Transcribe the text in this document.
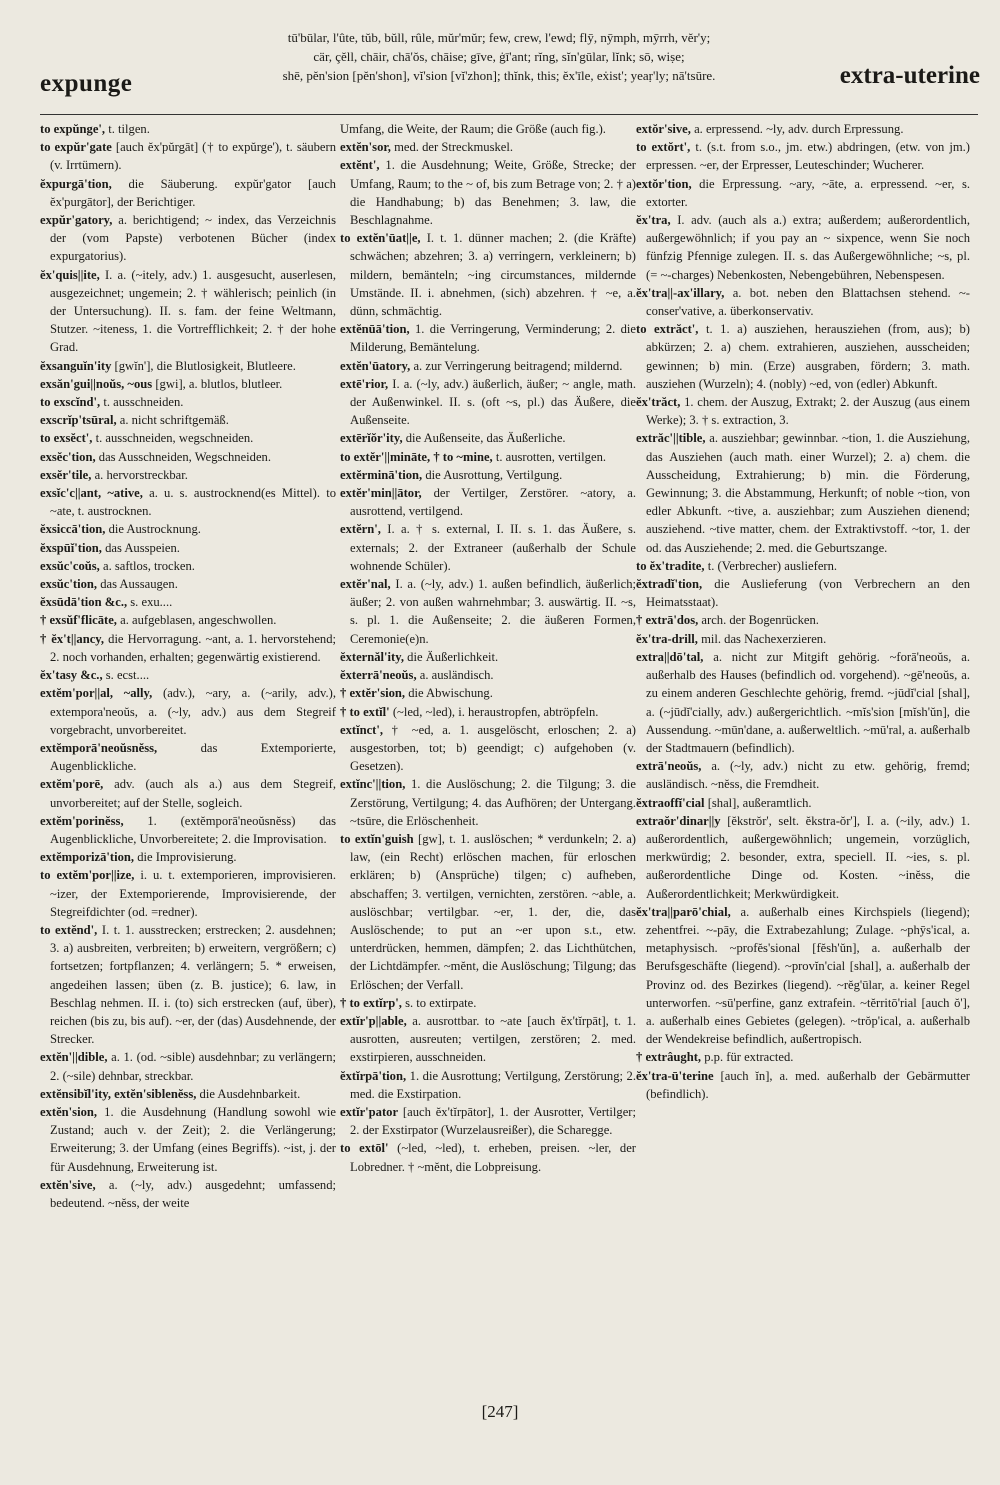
expunge
tū'būlar, l'ûte, tŭb, bŭll, rûle, mŭr'mŭr; few, crew, l'ewd; flȳ, nȳmph, mȳrrh, vĕr'y;
cär, çĕll, chāir, chā'ŏs, chāise; gīve, ġī'ant; rĭng, sĭn'gūlar, lĭnk; sō, wiṣe;
shē, pĕn'sion [pĕn'shon], vĭ'sion [vĭ'zhon]; thĭnk, this; ĕx'īle, eẋist'; yeaṛ'ly; nā'tsūre.	extra-uterine
to expŭnge', t. tilgen.
to expŭr'gate [auch ĕx'pŭrgāt] († to expŭrge'), t. säubern (v. Irrtümern).
ĕxpurgā'tion, die Säuberung. expŭr'gator [auch ĕx'purgātor], der Berichtiger.
expŭr'gatory, a. berichtigend; ~ index, das Verzeichnis der (vom Papste) verbotenen Bücher (index expurgatorius).
ĕx'quis||ite, I. a. (~itely, adv.) 1. ausgesucht, auserlesen, ausgezeichnet; ungemein; 2. † wählerisch; peinlich (in der Untersuchung). II. s. fam. der feine Weltmann, Stutzer. ~iteness, 1. die Vortrefflichkeit; 2. † der hohe Grad.
ĕxsanguĭn'ity [gwĭn'], die Blutlosigkeit, Blutleere.
exsăn'gui||noŭs, ~ous [gwi], a. blutlos, blutleer.
to exscĭnd', t. ausschneiden.
exscrĭp'tsūral, a. nicht schriftgemäß.
to exsĕct', t. ausschneiden, wegschneiden.
exsĕc'tion, das Ausschneiden, Wegschneiden.
exsĕr'tile, a. hervorstreckbar.
exsĭc'c||ant, ~ative, a. u. s. austrocknend(es Mittel). to ~ate, t. austrocknen.
ĕxsiccā'tion, die Austrocknung.
ĕxspūĭ'tion, das Ausspeien.
exsŭc'coŭs, a. saftlos, trocken.
exsŭc'tion, das Aussaugen.
ĕxsūdā'tion &c., s. exu....
† exsŭf'flicāte, a. aufgeblasen, angeschwollen.
† ĕx't||ancy, die Hervorragung. ~ant, a. 1. hervorstehend; 2. noch vorhanden, erhalten; gegenwärtig existierend.
ĕx'tasy &c., s. ecst....
extĕm'por||al, ~ally, (adv.), ~ary, a. (~arily, adv.), extempora'neoŭs, a. (~ly, adv.) aus dem Stegreif vorgebracht, unvorbereitet.
extĕmporā'neoŭsnĕss,	das Extemporierte, Augenblickliche.
extĕm'porē, adv. (auch als a.) aus dem Stegreif, unvorbereitet; auf der Stelle, sogleich.
extĕm'porinĕss, 1. (extĕmporā'neoŭsnĕss) das Augenblickliche, Unvorbereitete; 2. die Improvisation.
extĕmporizā'tion, die Improvisierung.
to extĕm'por||ize, i. u. t. extemporieren, improvisieren. ~izer, der Extemporierende, Improvisierende, der Stegreifdichter (od. =redner).
to extĕnd', I. t. 1. ausstrecken; erstrecken; 2. ausdehnen; 3. a) ausbreiten, verbreiten; b) erweitern, vergrößern; c) fortsetzen; fortpflanzen; 4. verlängern; 5. * erweisen, angedeihen lassen; üben (z. B. justice); 6. law, in Beschlag nehmen. II. i. (to) sich erstrecken (auf, über), reichen (bis zu, bis auf). ~er, der (das) Ausdehnende, der Strecker.
extĕn'||dible, a. 1. (od. ~sible) ausdehnbar; zu verlängern; 2. (~sile) dehnbar, streckbar.
extĕnsibĭl'ity, extĕn'siblenĕss, die Ausdehnbarkeit.
extĕn'sion, 1. die Ausdehnung (Handlung sowohl wie Zustand; auch v. der Zeit); 2. die Verlängerung; Erweiterung; 3. der Umfang (eines Begriffs). ~ist, j. der für Ausdehnung, Erweiterung ist.
extĕn'sive, a. (~ly, adv.) ausgedehnt; umfassend; bedeutend. ~nĕss, der weite
Umfang, die Weite, der Raum; die Größe (auch fig.).
extĕn'sor, med. der Streckmuskel.
extĕnt', 1. die Ausdehnung; Weite, Größe, Strecke; der Umfang, Raum; to the ~ of, bis zum Betrage von; 2. † a) die Handhabung; b) das Benehmen; 3. law, die Beschlagnahme.
to extĕn'ūat||e, I. t. 1. dünner machen; 2. (die Kräfte) schwächen; abzehren; 3. a) verringern, verkleinern; b) mildern, bemänteln; ~ing circumstances, mildernde Umstände. II. i. abnehmen, (sich) abzehren. † ~e, a. dünn, schmächtig.
extĕnūā'tion, 1. die Verringerung, Verminderung; 2. die Milderung, Bemäntelung.
extĕn'ūatory, a. zur Verringerung beitragend; mildernd.
extē'rior, I. a. (~ly, adv.) äußerlich, äußer; ~ angle, math. der Außenwinkel. II. s. (oft ~s, pl.) das Äußere, die Außenseite.
extērĭŏr'ity, die Außenseite, das Äußerliche.
to extĕr'||mināte, † to ~mine, t. ausrotten, vertilgen.
extĕrminā'tion, die Ausrottung, Vertilgung.
extĕr'min||ātor, der Vertilger, Zerstörer. ~atory, a. ausrottend, vertilgend.
extĕrn', I. a. † s. external, I. II. s. 1. das Äußere, s. externals; 2. der Extraneer (außerhalb der Schule wohnende Schüler).
extĕr'nal, I. a. (~ly, adv.) 1. außen befindlich, äußerlich; äußer; 2. von außen wahrnehmbar; 3. auswärtig. II. ~s, s. pl. 1. die Außenseite; 2. die äußeren Formen, Ceremonie(e)n.
ĕxternăl'ity, die Äußerlichkeit.
ĕxterrā'neoŭs, a. ausländisch.
† extĕr'sion, die Abwischung.
† to extĭl' (~led, ~led), i. heraustropfen, abtröpfeln.
extĭnct', † ~ed, a. 1. ausgelöscht, erloschen; 2. a) ausgestorben, tot; b) geendigt; c) aufgehoben (v. Gesetzen).
extĭnc'||tion, 1. die Auslöschung; 2. die Tilgung; 3. die Zerstörung, Vertilgung; 4. das Aufhören; der Untergang. ~tsūre, die Erlöschenheit.
to extĭn'guish [gw], t. 1. auslöschen; * verdunkeln; 2. a) law, (ein Recht) erlöschen machen, für erloschen erklären; b) (Ansprüche) tilgen; c) aufheben, abschaffen; 3. vertilgen, vernichten, zerstören. ~able, a. auslöschbar; vertilgbar. ~er, 1. der, die, das Auslöschende; to put an ~er upon s.t., etw. unterdrücken, hemmen, dämpfen; 2. das Lichthütchen, der Lichtdämpfer. ~mĕnt, die Auslöschung; Tilgung; das Erlöschen; der Verfall.
† to extĭrp', s. to extirpate.
extĭr'p||able, a. ausrottbar. to ~ate [auch ĕx'tĭrpāt], t. 1. ausrotten, ausreuten; vertilgen, zerstören; 2. med. exstirpieren, ausschneiden.
ĕxtĭrpā'tion, 1. die Ausrottung; Vertilgung, Zerstörung; 2. med. die Exstirpation.
extĭr'pator [auch ĕx'tĭrpātor], 1. der Ausrotter, Vertilger; 2. der Exstirpator (Wurzelausreißer), die Scharegge.
to extōl' (~led, ~led), t. erheben, preisen. ~ler, der Lobredner. † ~mĕnt, die Lobpreisung.
extŏr'sive, a. erpressend. ~ly, adv. durch Erpressung.
to extŏrt', t. (s.t. from s.o., jm. etw.) abdringen, (etw. von jm.) erpressen. ~er, der Erpresser, Leuteschinder; Wucherer.
extŏr'tion, die Erpressung. ~ary, ~āte, a. erpressend. ~er, s. extorter.
ĕx'tra, I. adv. (auch als a.) extra; außerdem; außerordentlich, außergewöhnlich; if you pay an ~ sixpence, wenn Sie noch fünfzig Pfennige zulegen. II. s. das Außergewöhnliche; ~s, pl. (= ~-charges) Nebenkosten, Nebengebühren, Nebenspesen.
ĕx'tra||-ax'illary, a. bot. neben den Blattachsen stehend. ~-conser'vative, a. überkonservativ.
to extrăct', t. 1. a) ausziehen, herausziehen (from, aus); b) abkürzen; 2. a) chem. extrahieren, ausziehen, ausscheiden; gewinnen; b) min. (Erze) ausgraben, fördern; 3. math. ausziehen (Wurzeln); 4. (nobly) ~ed, von (edler) Abkunft.
ĕx'trăct, 1. chem. der Auszug, Extrakt; 2. der Auszug (aus einem Werke); 3. † s. extraction, 3.
extrăc'||tible, a. ausziehbar; gewinnbar. ~tion, 1. die Ausziehung, das Ausziehen (auch math. einer Wurzel); 2. a) chem. die Ausscheidung, Extrahierung; b) min. die Förderung, Gewinnung; 3. die Abstammung, Herkunft; of noble ~tion, von edler Abkunft. ~tive, a. ausziehbar; zum Ausziehen dienend; ausziehend. ~tive matter, chem. der Extraktivstoff. ~tor, 1. der od. das Ausziehende; 2. med. die Geburtszange.
to ĕx'tradite, t. (Verbrecher) ausliefern.
ĕxtradĭ'tion, die Auslieferung (von Verbrechern an den Heimatsstaat).
† extrā'dos, arch. der Bogenrücken.
ĕx'tra-drill, mil. das Nachexerzieren.
extra||dō'tal, a. nicht zur Mitgift gehörig. ~forā'neoŭs, a. außerhalb des Hauses (befindlich od. vorgehend). ~gē'neoŭs, a. zu einem anderen Geschlechte gehörig, fremd. ~jūdĭ'cial [shal], a. (~jūdĭ'cially, adv.) außergerichtlich. ~mĭs'sion [mĭsh'ŭn], die Aussendung. ~mūn'dane, a. außerweltlich. ~mū'ral, a. außerhalb der Stadtmauern (befindlich).
extrā'neoŭs, a. (~ly, adv.) nicht zu etw. gehörig, fremd; ausländisch. ~nĕss, die Fremdheit.
ĕxtraoffĭ'cial [shal], außeramtlich.
extraŏr'dinar||y [ĕkstrŏr', selt. ĕkstra-ŏr'], I. a. (~ily, adv.) 1. außerordentlich, außergewöhnlich; ungemein, vorzüglich, merkwürdig; 2. besonder, extra, speciell. II. ~ies, s. pl. außerordentliche Dinge od. Kosten. ~inĕss, die Außerordentlichkeit; Merkwürdigkeit.
ĕx'tra||parō'chial, a. außerhalb eines Kirchspiels (liegend); zehentfrei. ~-pāy, die Extrabezahlung; Zulage. ~phȳs'ical, a. metaphysisch. ~profĕs'sional [fĕsh'ŭn], a. außerhalb der Berufsgeschäfte (liegend). ~provĭn'cial [shal], a. außerhalb der Provinz od. des Bezirkes (liegend). ~rĕg'ūlar, a. keiner Regel unterworfen. ~sū'perfine, ganz extrafein. ~tĕrritō'rial [auch ŏ'], a. außerhalb eines Gebietes (gelegen). ~trŏp'ical, a. außerhalb der Wendekreise befindlich, außertropisch.
† extrâught, p.p. für extracted.
ĕx'tra-ū'terine [auch ĭn], a. med. außerhalb der Gebärmutter (befindlich).
[247]
